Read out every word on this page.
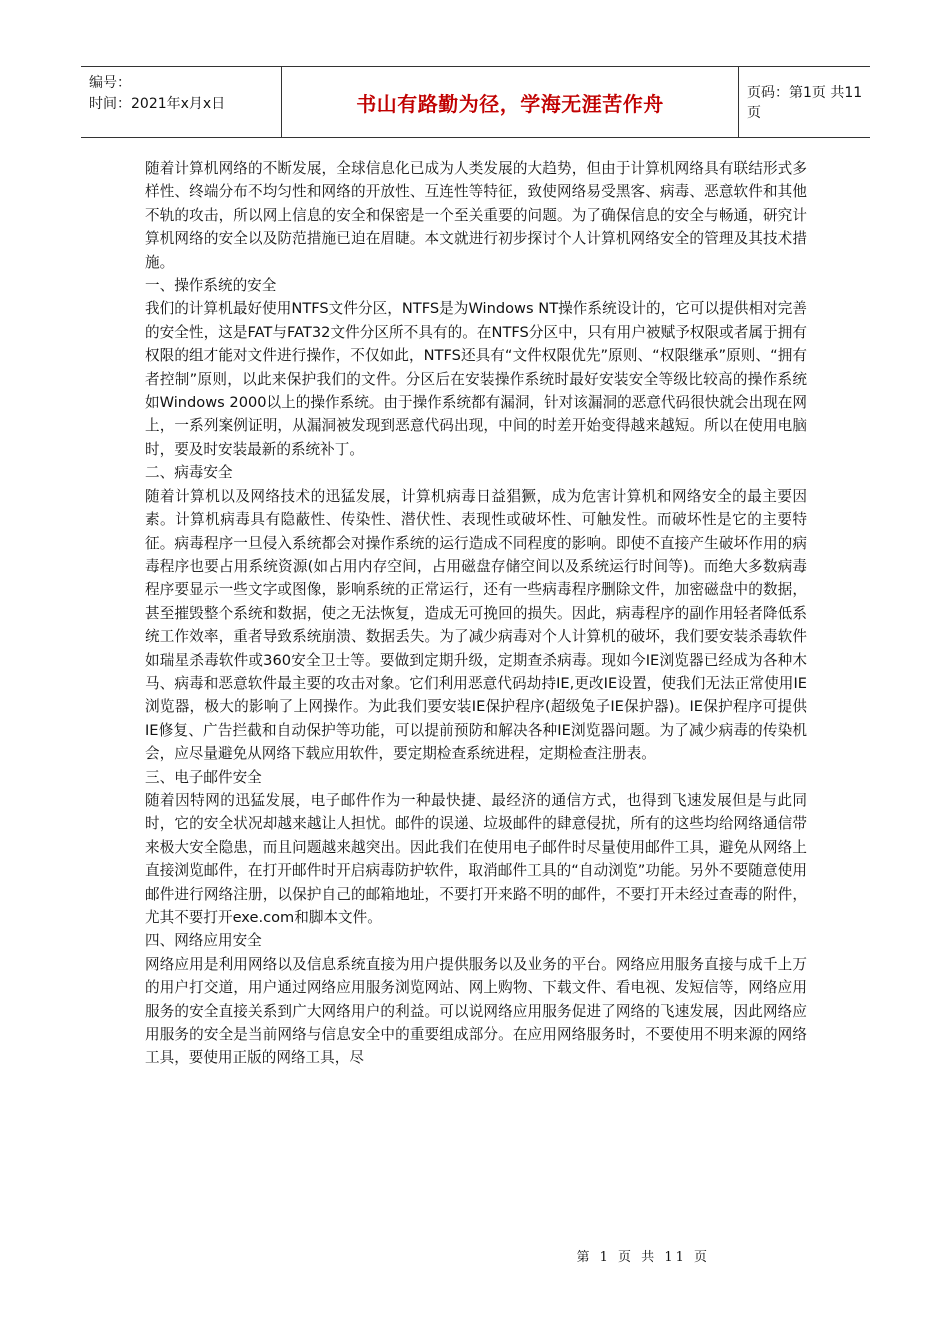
编号：
时间：2021年x月x日	书山有路勤为径，学海无涯苦作舟	页码：第1页 共11页

随着计算机网络的不断发展，全球信息化已成为人类发展的大趋势，但由于计算机网络具有联结形式多样性、终端分布不均匀性和网络的开放性、互连性等特征，致使网络易受黑客、病毒、恶意软件和其他不轨的攻击，所以网上信息的安全和保密是一个至关重要的问题。为了确保信息的安全与畅通，研究计算机网络的安全以及防范措施已迫在眉睫。本文就进行初步探讨个人计算机网络安全的管理及其技术措施。

一、操作系统的安全

我们的计算机最好使用NTFS文件分区，NTFS是为Windows NT操作系统设计的，它可以提供相对完善的安全性，这是FAT与FAT32文件分区所不具有的。在NTFS分区中，只有用户被赋予权限或者属于拥有权限的组才能对文件进行操作，不仅如此，NTFS还具有“文件权限优先”原则、“权限继承”原则、“拥有者控制”原则，以此来保护我们的文件。分区后在安装操作系统时最好安装安全等级比较高的操作系统如Windows 2000以上的操作系统。由于操作系统都有漏洞，针对该漏洞的恶意代码很快就会出现在网上，一系列案例证明，从漏洞被发现到恶意代码出现，中间的时差开始变得越来越短。所以在使用电脑时，要及时安装最新的系统补丁。

二、病毒安全

随着计算机以及网络技术的迅猛发展，计算机病毒日益猖獗，成为危害计算机和网络安全的最主要因素。计算机病毒具有隐蔽性、传染性、潜伏性、表现性或破坏性、可触发性。而破坏性是它的主要特征。病毒程序一旦侵入系统都会对操作系统的运行造成不同程度的影响。即使不直接产生破坏作用的病毒程序也要占用系统资源(如占用内存空间，占用磁盘存储空间以及系统运行时间等)。而绝大多数病毒程序要显示一些文字或图像，影响系统的正常运行，还有一些病毒程序删除文件，加密磁盘中的数据，甚至摧毁整个系统和数据，使之无法恢复，造成无可挽回的损失。因此，病毒程序的副作用轻者降低系统工作效率，重者导致系统崩溃、数据丢失。为了减少病毒对个人计算机的破坏，我们要安装杀毒软件如瑞星杀毒软件或360安全卫士等。要做到定期升级，定期查杀病毒。现如今IE浏览器已经成为各种木马、病毒和恶意软件最主要的攻击对象。它们利用恶意代码劫持IE,更改IE设置，使我们无法正常使用IE浏览器，极大的影响了上网操作。为此我们要安装IE保护程序(超级兔子IE保护器)。IE保护程序可提供IE修复、广告拦截和自动保护等功能，可以提前预防和解决各种IE浏览器问题。为了减少病毒的传染机会，应尽量避免从网络下载应用软件，要定期检查系统进程，定期检查注册表。

三、电子邮件安全

随着因特网的迅猛发展，电子邮件作为一种最快捷、最经济的通信方式，也得到飞速发展但是与此同时，它的安全状况却越来越让人担忧。邮件的误递、垃圾邮件的肆意侵扰，所有的这些均给网络通信带来极大安全隐患，而且问题越来越突出。因此我们在使用电子邮件时尽量使用邮件工具，避免从网络上直接浏览邮件，在打开邮件时开启病毒防护软件，取消邮件工具的“自动浏览”功能。另外不要随意使用邮件进行网络注册，以保护自己的邮箱地址，不要打开来路不明的邮件，不要打开未经过查毒的附件，尤其不要打开exe.com和脚本文件。

四、网络应用安全

网络应用是利用网络以及信息系统直接为用户提供服务以及业务的平台。网络应用服务直接与成千上万的用户打交道，用户通过网络应用服务浏览网站、网上购物、下载文件、看电视、发短信等，网络应用服务的安全直接关系到广大网络用户的利益。可以说网络应用服务促进了网络的飞速发展，因此网络应用服务的安全是当前网络与信息安全中的重要组成部分。在应用网络服务时，不要使用不明来源的网络工具，要使用正版的网络工具，尽

第 1 页 共 11 页
